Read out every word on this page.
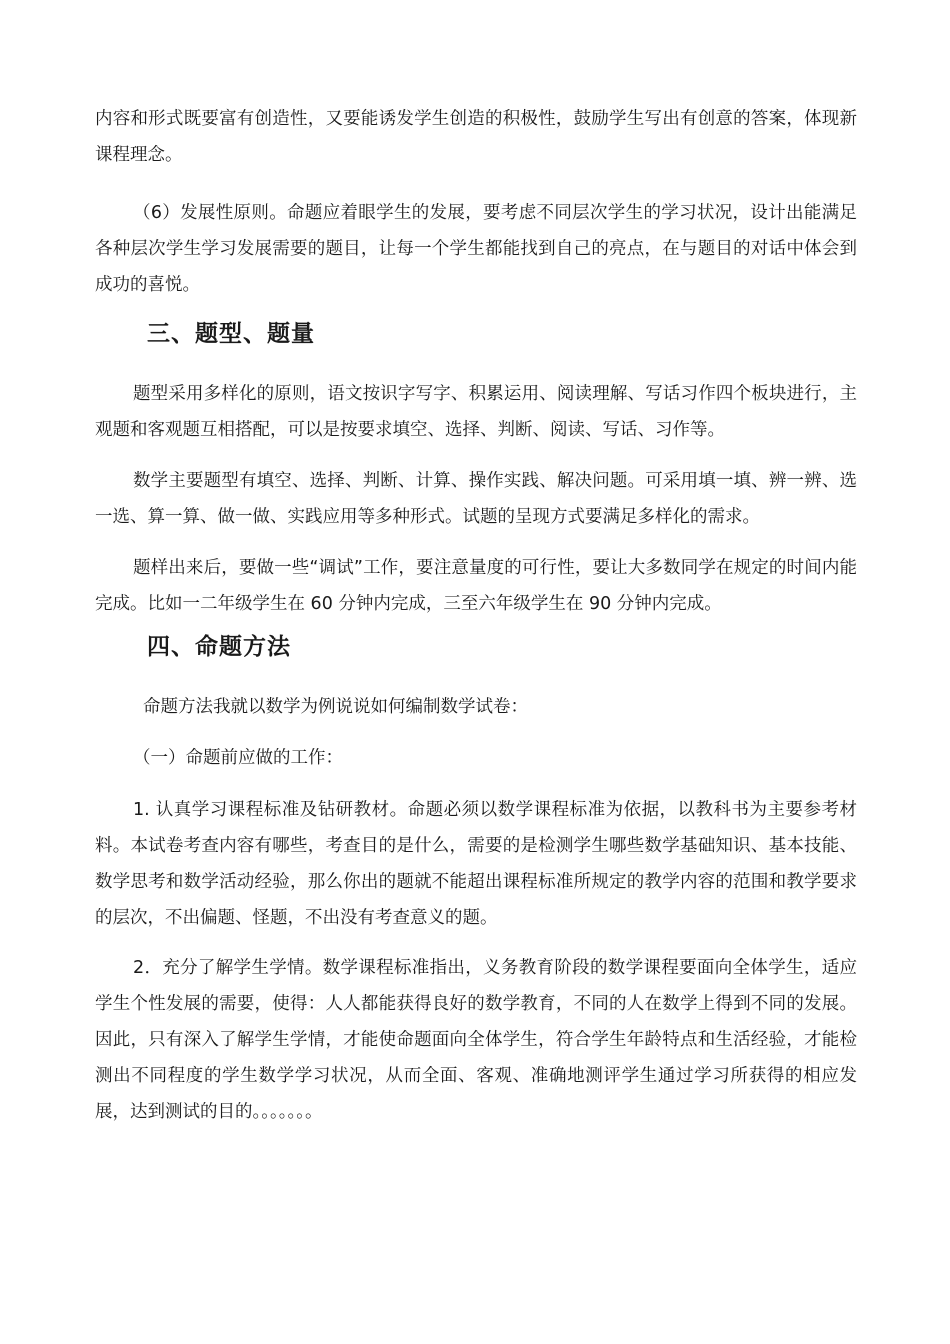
内容和形式既要富有创造性，又要能诱发学生创造的积极性，鼓励学生写出有创意的答案，体现新课程理念。

（6）发展性原则。命题应着眼学生的发展，要考虑不同层次学生的学习状况，设计出能满足各种层次学生学习发展需要的题目，让每一个学生都能找到自己的亮点，在与题目的对话中体会到成功的喜悦。

三、题型、题量

题型采用多样化的原则，语文按识字写字、积累运用、阅读理解、写话习作四个板块进行，主观题和客观题互相搭配，可以是按要求填空、选择、判断、阅读、写话、习作等。

数学主要题型有填空、选择、判断、计算、操作实践、解决问题。可采用填一填、辨一辨、选一选、算一算、做一做、实践应用等多种形式。试题的呈现方式要满足多样化的需求。

题样出来后，要做一些“调试”工作，要注意量度的可行性，要让大多数同学在规定的时间内能完成。比如一二年级学生在 60 分钟内完成，三至六年级学生在 90 分钟内完成。

四、命题方法

命题方法我就以数学为例说说如何编制数学试卷：

（一）命题前应做的工作：

1. 认真学习课程标准及钻研教材。命题必须以数学课程标准为依据，以教科书为主要参考材料。本试卷考查内容有哪些，考查目的是什么，需要的是检测学生哪些数学基础知识、基本技能、数学思考和数学活动经验，那么你出的题就不能超出课程标准所规定的教学内容的范围和教学要求的层次，不出偏题、怪题，不出没有考查意义的题。

2．充分了解学生学情。数学课程标准指出，义务教育阶段的数学课程要面向全体学生，适应学生个性发展的需要，使得：人人都能获得良好的数学教育，不同的人在数学上得到不同的发展。因此，只有深入了解学生学情，才能使命题面向全体学生，符合学生年龄特点和生活经验，才能检测出不同程度的学生数学学习状况，从而全面、客观、准确地测评学生通过学习所获得的相应发展，达到测试的目的。。。。。。。
